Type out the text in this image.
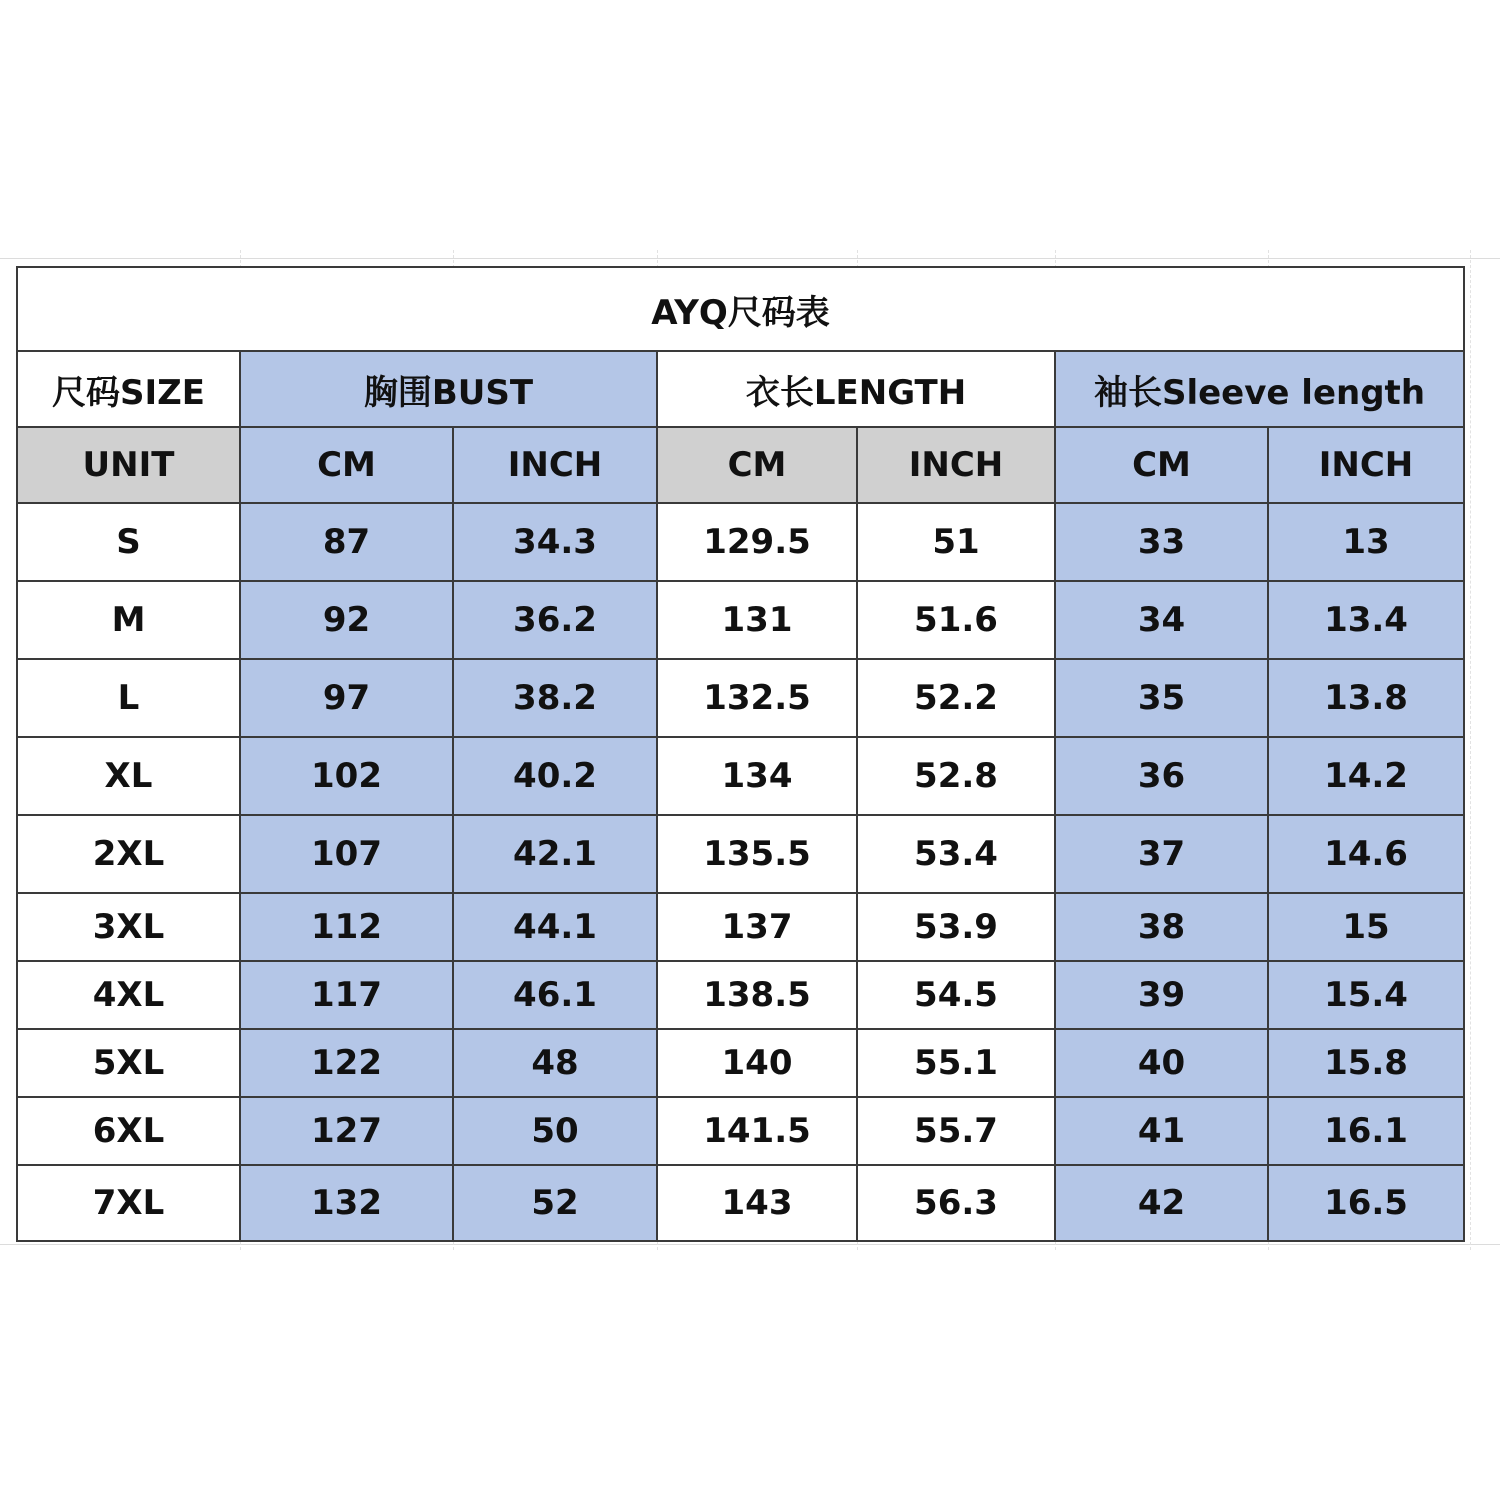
AYQ尺码表						
尺码SIZE	胸围BUST		衣长LENGTH		袖长Sleeve length	
UNIT	CM	INCH	CM	INCH	CM	INCH
S	87	34.3	129.5	51	33	13
M	92	36.2	131	51.6	34	13.4
L	97	38.2	132.5	52.2	35	13.8
XL	102	40.2	134	52.8	36	14.2
2XL	107	42.1	135.5	53.4	37	14.6
3XL	112	44.1	137	53.9	38	15
4XL	117	46.1	138.5	54.5	39	15.4
5XL	122	48	140	55.1	40	15.8
6XL	127	50	141.5	55.7	41	16.1
7XL	132	52	143	56.3	42	16.5
